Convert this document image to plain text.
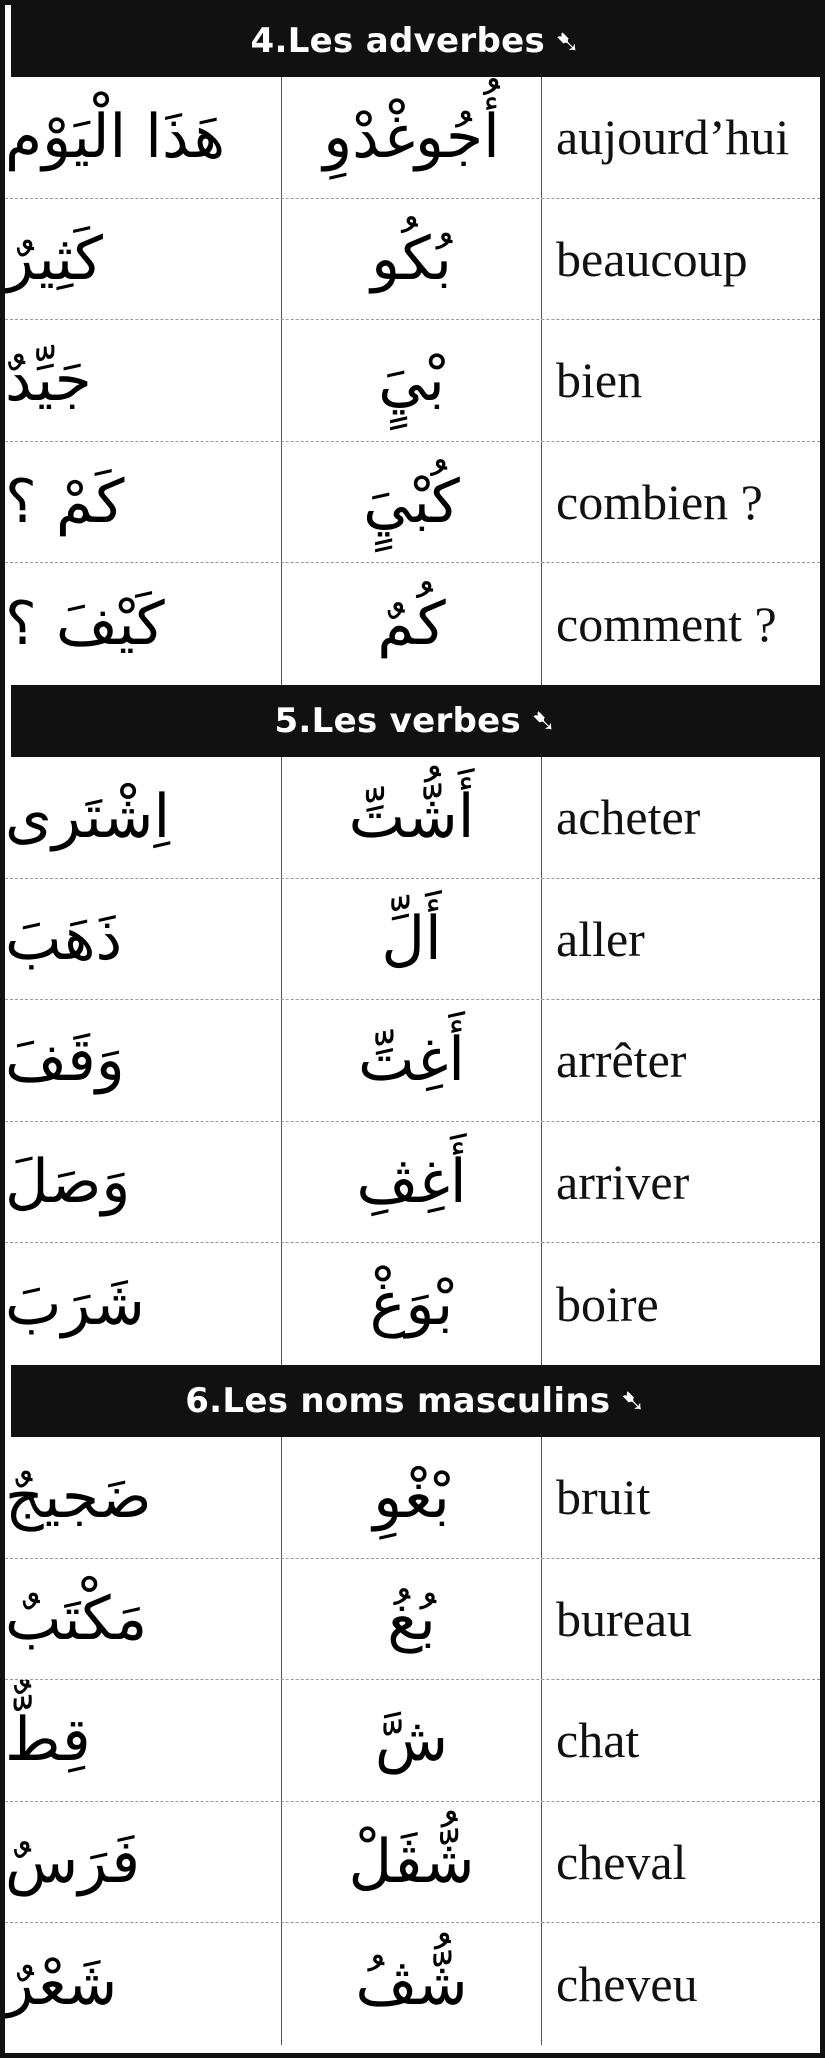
4. Les adverbes ➷
هَذَا الْيَوْم	أُجُوغْدْوِ	aujourd’hui
كَثِيرٌ	بُكُو	beaucoup
جَيِّدٌ	بْيٍَ	bien
كَمْ ؟	كُبْيٍَ	combien ?
كَيْفَ ؟	كُمٌ	comment ?
5. Les verbes ➷
اِشْتَرى	أَشُّتِّ	acheter
ذَهَبَ	أَلِّ	aller
وَقَفَ	أَغِتِّ	arrêter
وَصَلَ	أَغِڤِ	arriver
شَرَبَ	بْوَغْ	boire
6. Les noms masculins ➷
ضَجيجٌ	بْغْوِ	bruit
مَكْتَبٌ	بُغُ	bureau
قِطٌّ	شَّ	chat
فَرَسٌ	شُّڤَلْ	cheval
شَعْرٌ	شُّڤُ	cheveu
